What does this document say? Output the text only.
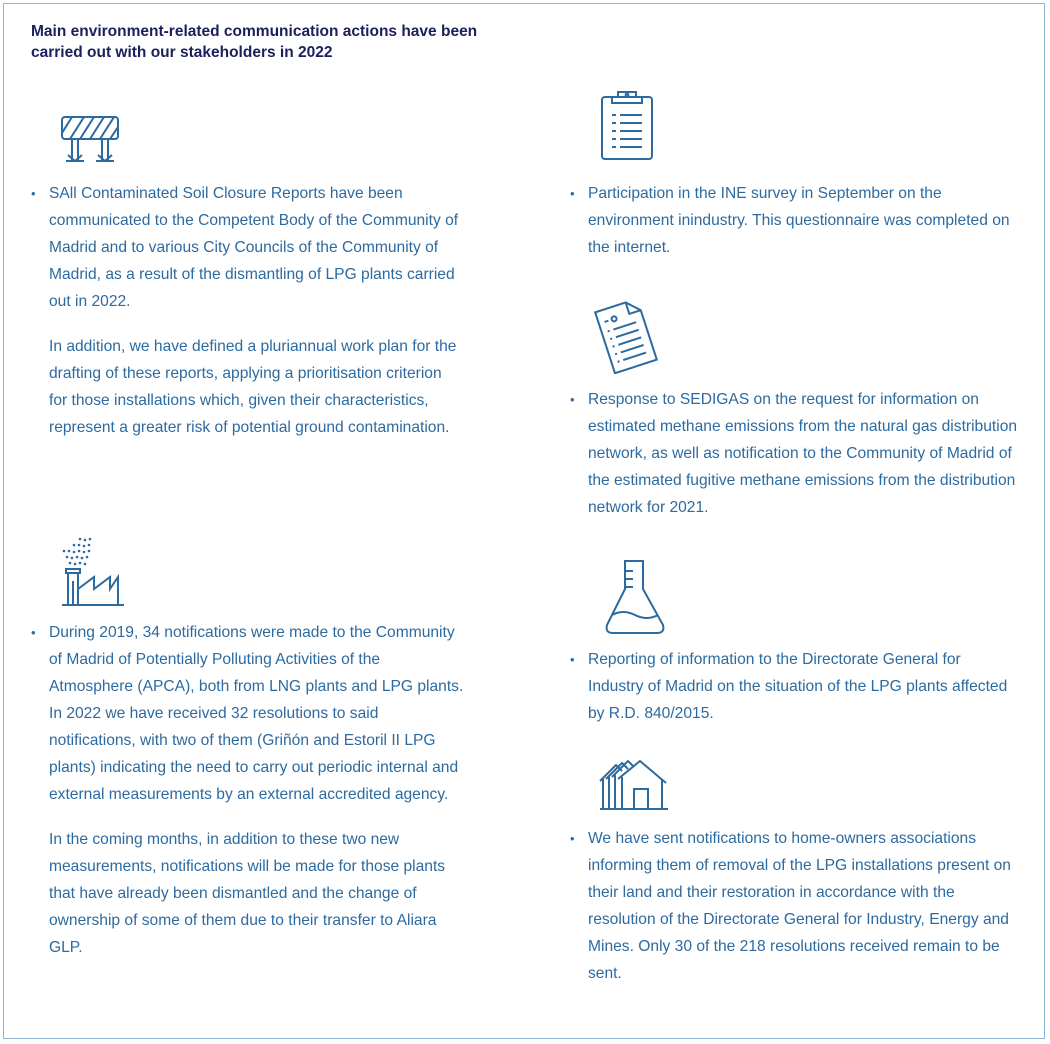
Main environment-related communication actions have been carried out with our stakeholders in 2022

• SAll Contaminated Soil Closure Reports have been communicated to the Competent Body of the Community of Madrid and to various City Councils of the Community of Madrid, as a result of the dismantling of LPG plants carried out in 2022.

In addition, we have defined a pluriannual work plan for the drafting of these reports, applying a prioritisation criterion for those installations which, given their characteristics, represent a greater risk of potential ground contamination.

• During 2019, 34 notifications were made to the Community of Madrid of Potentially Polluting Activities of the Atmosphere (APCA), both from LNG plants and LPG plants. In 2022 we have received 32 resolutions to said notifications, with two of them (Griñón and Estoril II LPG plants) indicating the need to carry out periodic internal and external measurements by an external accredited agency.

In the coming months, in addition to these two new measurements, notifications will be made for those plants that have already been dismantled and the change of ownership of some of them due to their transfer to Aliara GLP.

• Participation in the INE survey in September on the environment inindustry. This questionnaire was completed on the internet.

• Response to SEDIGAS on the request for information on estimated methane emissions from the natural gas distribution network, as well as notification to the Community of Madrid of the estimated fugitive methane emissions from the distribution network for 2021.

• Reporting of information to the Directorate General for Industry of Madrid on the situation of the LPG plants affected by R.D. 840/2015.

• We have sent notifications to home-owners associations informing them of removal of the LPG installations present on their land and their restoration in accordance with the resolution of the Directorate General for Industry, Energy and Mines. Only 30 of the 218 resolutions received remain to be sent.
